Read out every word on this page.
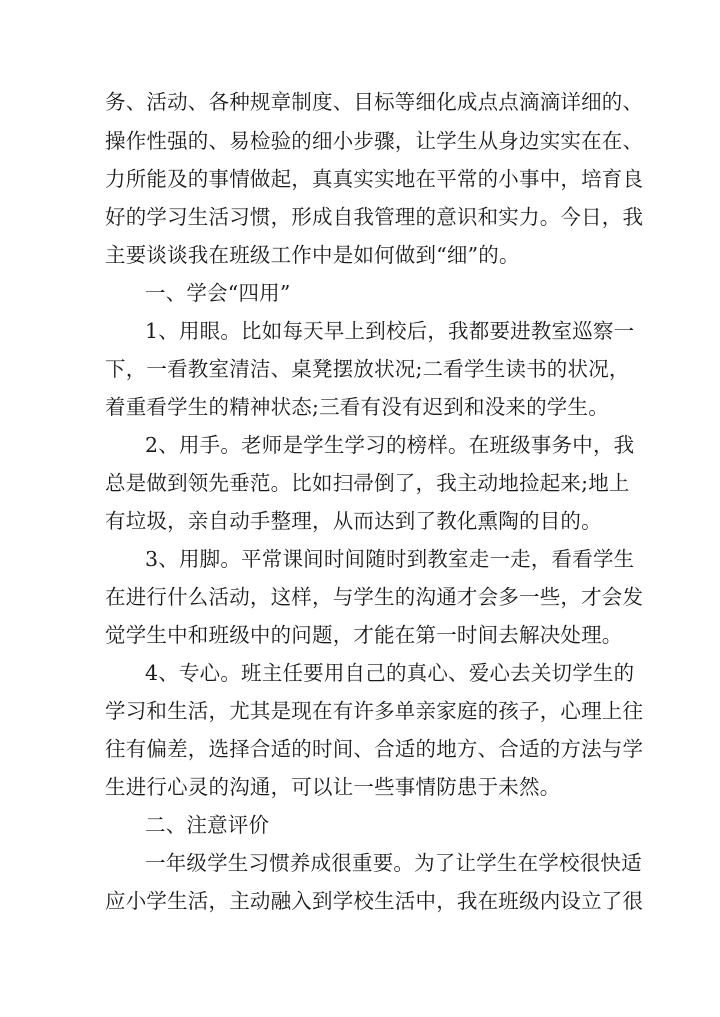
务、活动、各种规章制度、目标等细化成点点滴滴详细的、
操作性强的、易检验的细小步骤，让学生从身边实实在在、
力所能及的事情做起，真真实实地在平常的小事中，培育良
好的学习生活习惯，形成自我管理的意识和实力。今日，我
主要谈谈我在班级工作中是如何做到“细”的。
一、学会“四用”
1、用眼。比如每天早上到校后，我都要进教室巡察一
下，一看教室清洁、桌凳摆放状况;二看学生读书的状况，
着重看学生的精神状态;三看有没有迟到和没来的学生。
2、用手。老师是学生学习的榜样。在班级事务中，我
总是做到领先垂范。比如扫帚倒了，我主动地捡起来;地上
有垃圾，亲自动手整理，从而达到了教化熏陶的目的。
3、用脚。平常课间时间随时到教室走一走，看看学生
在进行什么活动，这样，与学生的沟通才会多一些，才会发
觉学生中和班级中的问题，才能在第一时间去解决处理。
4、专心。班主任要用自己的真心、爱心去关切学生的
学习和生活，尤其是现在有许多单亲家庭的孩子，心理上往
往有偏差，选择合适的时间、合适的地方、合适的方法与学
生进行心灵的沟通，可以让一些事情防患于未然。
二、注意评价
一年级学生习惯养成很重要。为了让学生在学校很快适
应小学生活，主动融入到学校生活中，我在班级内设立了很
